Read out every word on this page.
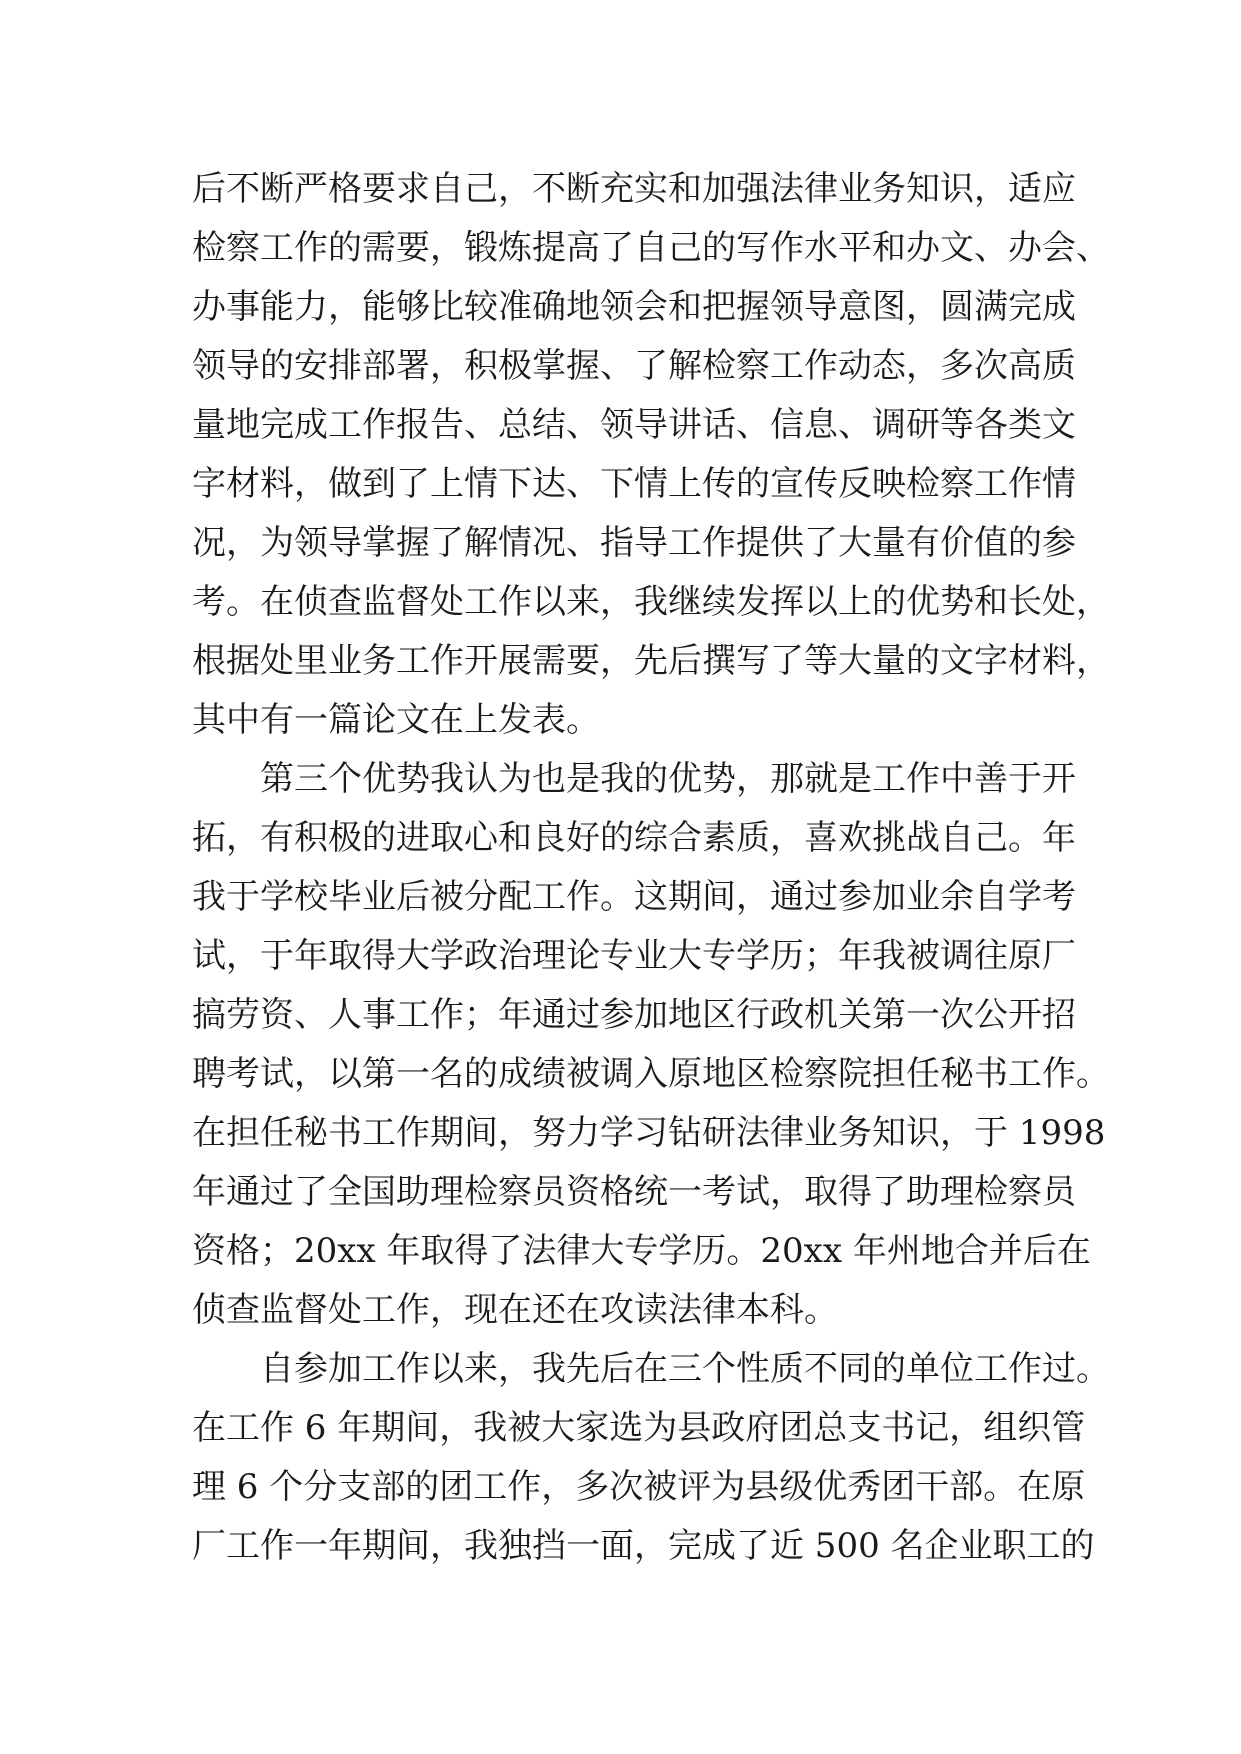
后不断严格要求自己，不断充实和加强法律业务知识，适应
检察工作的需要，锻炼提高了自己的写作水平和办文、办会、
办事能力，能够比较准确地领会和把握领导意图，圆满完成
领导的安排部署，积极掌握、了解检察工作动态，多次高质
量地完成工作报告、总结、领导讲话、信息、调研等各类文
字材料，做到了上情下达、下情上传的宣传反映检察工作情
况，为领导掌握了解情况、指导工作提供了大量有价值的参
考。在侦查监督处工作以来，我继续发挥以上的优势和长处，
根据处里业务工作开展需要，先后撰写了等大量的文字材料，
其中有一篇论文在上发表。
第三个优势我认为也是我的优势，那就是工作中善于开
拓，有积极的进取心和良好的综合素质，喜欢挑战自己。年
我于学校毕业后被分配工作。这期间，通过参加业余自学考
试，于年取得大学政治理论专业大专学历；年我被调往原厂
搞劳资、人事工作；年通过参加地区行政机关第一次公开招
聘考试，以第一名的成绩被调入原地区检察院担任秘书工作。
在担任秘书工作期间，努力学习钻研法律业务知识，于 1998
年通过了全国助理检察员资格统一考试，取得了助理检察员
资格；20xx 年取得了法律大专学历。20xx 年州地合并后在
侦查监督处工作，现在还在攻读法律本科。
自参加工作以来，我先后在三个性质不同的单位工作过。
在工作 6 年期间，我被大家选为县政府团总支书记，组织管
理 6 个分支部的团工作，多次被评为县级优秀团干部。在原
厂工作一年期间，我独挡一面，完成了近 500 名企业职工的
